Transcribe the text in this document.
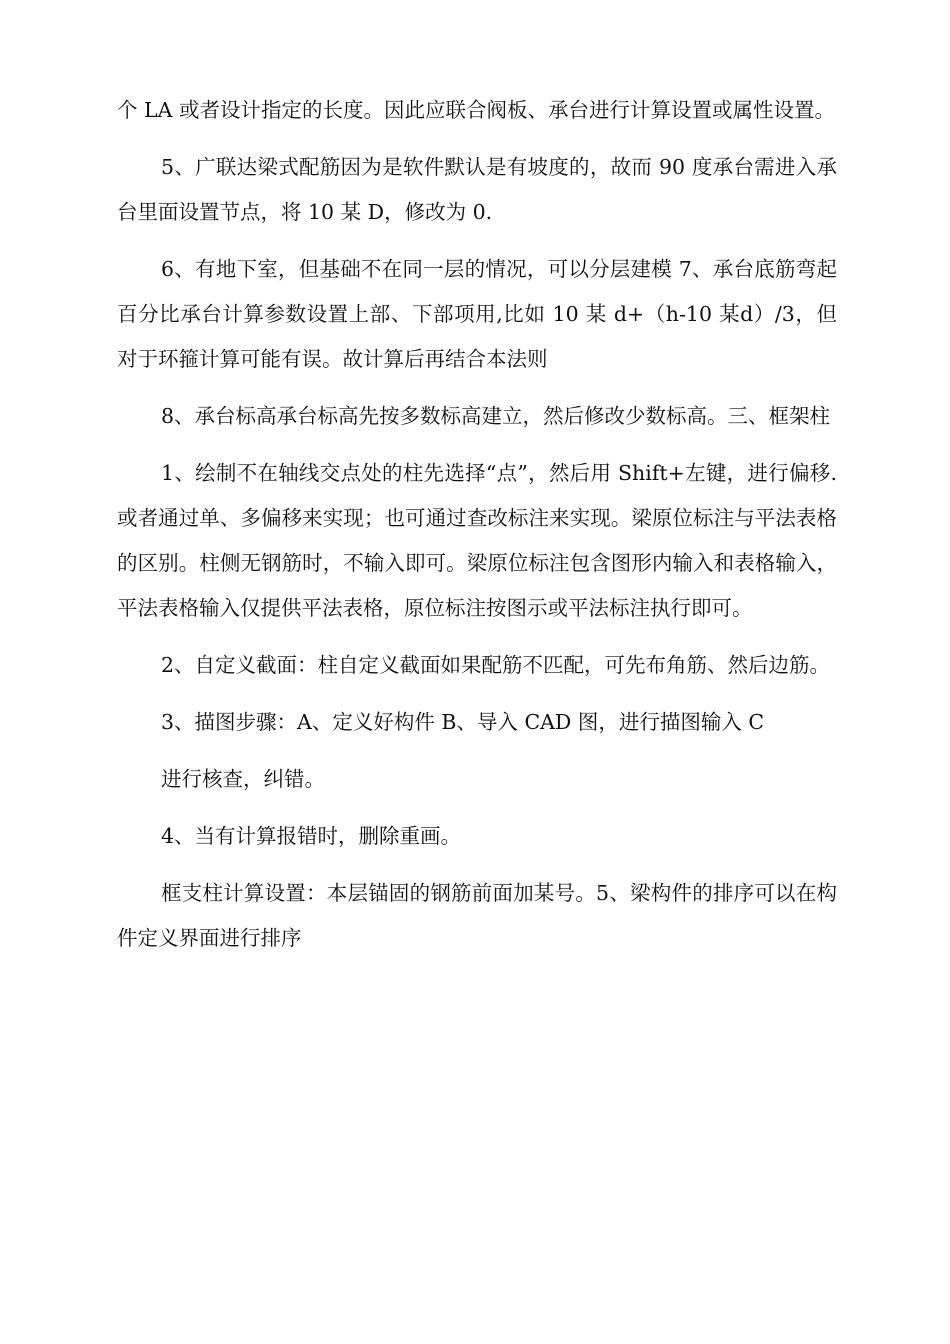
个 LA 或者设计指定的长度。因此应联合阀板、承台进行计算设置或属性设置。

5、广联达梁式配筋因为是软件默认是有坡度的，故而 90 度承台需进入承台里面设置节点，将 10 某 D，修改为 0.

6、有地下室，但基础不在同一层的情况，可以分层建模 7、承台底筋弯起百分比承台计算参数设置上部、下部项用,比如 10 某 d+（h-10 某d）/3，但对于环箍计算可能有误。故计算后再结合本法则

8、承台标高承台标高先按多数标高建立，然后修改少数标高。三、框架柱

1、绘制不在轴线交点处的柱先选择“点”，然后用 Shift+左键，进行偏移.或者通过单、多偏移来实现；也可通过查改标注来实现。梁原位标注与平法表格的区别。柱侧无钢筋时，不输入即可。梁原位标注包含图形内输入和表格输入，平法表格输入仅提供平法表格，原位标注按图示或平法标注执行即可。

2、自定义截面：柱自定义截面如果配筋不匹配，可先布角筋、然后边筋。

3、描图步骤：A、定义好构件 B、导入 CAD 图，进行描图输入 C

进行核查，纠错。

4、当有计算报错时，删除重画。

框支柱计算设置：本层锚固的钢筋前面加某号。5、梁构件的排序可以在构件定义界面进行排序
